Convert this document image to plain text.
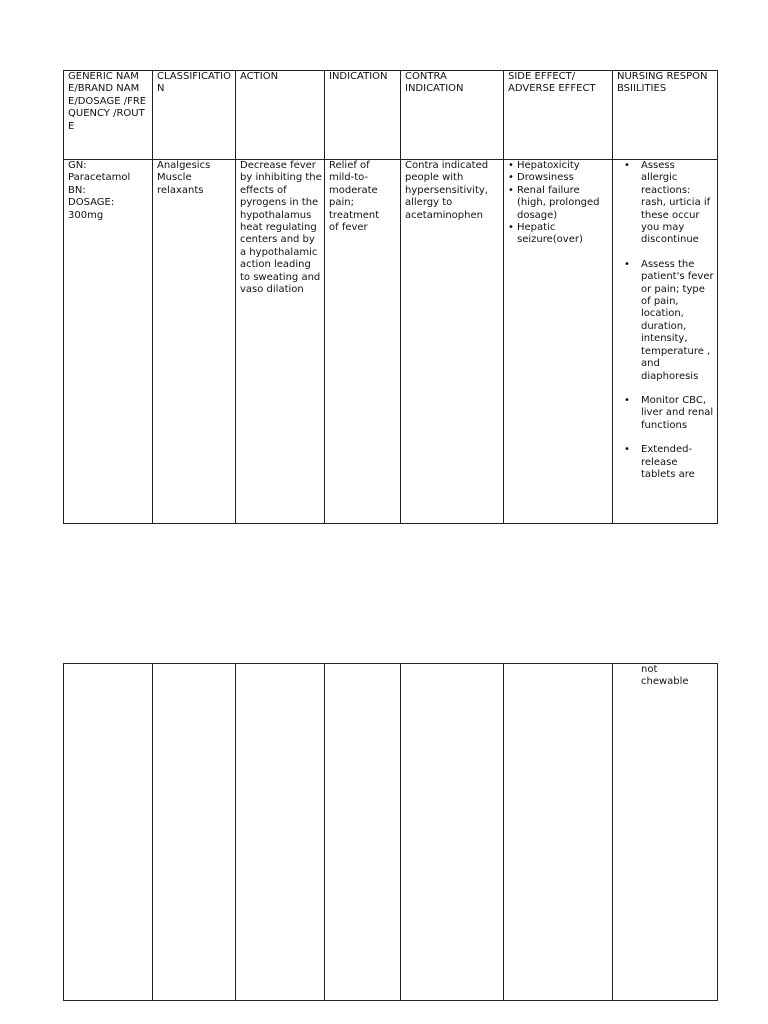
GENERIC NAME/BRAND NAME/DOSAGE /FREQUENCY /ROUTE
CLASSIFICATION
ACTION	INDICATION	CONTRA INDICATION
SIDE EFFECT/ ADVERSE EFFECT
NURSING RESPONBSIILITIES
GN:
Paracetamol
BN:
DOSAGE:
300mg
Analgesics
Muscle relaxants
Decrease fever by inhibiting the effects of pyrogens in the hypothalamus heat regulating centers and by a hypothalamic action leading to sweating and vaso dilation
Relief of mild-to-moderate pain; treatment of fever
Contra indicated people with hypersensitivity, allergy to acetaminophen
• Hepatoxicity
• Drowsiness
• Renal failure (high, prolonged dosage)
• Hepatic seizure(over)
• Assess allergic reactions: rash, urticia if these occur you may discontinue
• Assess the patient's fever or pain; type of pain, location, duration, intensity, temperature , and diaphoresis
• Monitor CBC, liver and renal functions
• Extended-release tablets are
not chewable
